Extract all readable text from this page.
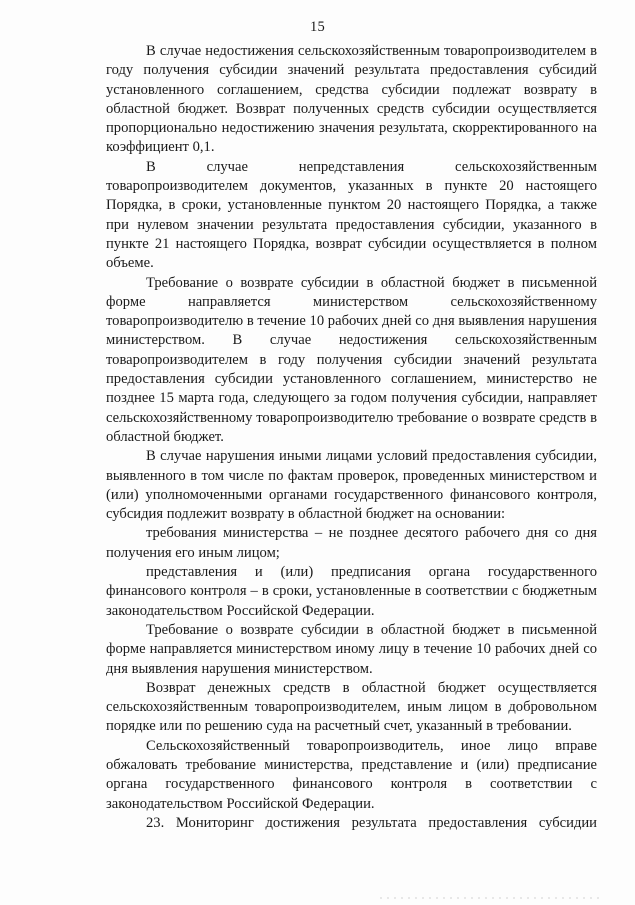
15

В случае недостижения сельскохозяйственным товаропроизводителем в году получения субсидии значений результата предоставления субсидий установленного соглашением, средства субсидии подлежат возврату в областной бюджет. Возврат полученных средств субсидии осуществляется пропорционально недостижению значения результата, скорректированного на коэффициент 0,1.

В случае непредставления сельскохозяйственным товаропроизводителем документов, указанных в пункте 20 настоящего Порядка, в сроки, установленные пунктом 20 настоящего Порядка, а также при нулевом значении результата предоставления субсидии, указанного в пункте 21 настоящего Порядка, возврат субсидии осуществляется в полном объеме.

Требование о возврате субсидии в областной бюджет в письменной форме направляется министерством сельскохозяйственному товаропроизводителю в течение 10 рабочих дней со дня выявления нарушения министерством. В случае недостижения сельскохозяйственным товаропроизводителем в году получения субсидии значений результата предоставления субсидии установленного соглашением, министерство не позднее 15 марта года, следующего за годом получения субсидии, направляет сельскохозяйственному товаропроизводителю требование о возврате средств в областной бюджет.

В случае нарушения иными лицами условий предоставления субсидии, выявленного в том числе по фактам проверок, проведенных министерством и (или) уполномоченными органами государственного финансового контроля, субсидия подлежит возврату в областной бюджет на основании:

требования министерства – не позднее десятого рабочего дня со дня получения его иным лицом;

представления и (или) предписания органа государственного финансового контроля – в сроки, установленные в соответствии с бюджетным законодательством Российской Федерации.

Требование о возврате субсидии в областной бюджет в письменной форме направляется министерством иному лицу в течение 10 рабочих дней со дня выявления нарушения министерством.

Возврат денежных средств в областной бюджет осуществляется сельскохозяйственным товаропроизводителем, иным лицом в добровольном порядке или по решению суда на расчетный счет, указанный в требовании.

Сельскохозяйственный товаропроизводитель, иное лицо вправе обжаловать требование министерства, представление и (или) предписание органа государственного финансового контроля в соответствии с законодательством Российской Федерации.

23. Мониторинг достижения результата предоставления субсидии
